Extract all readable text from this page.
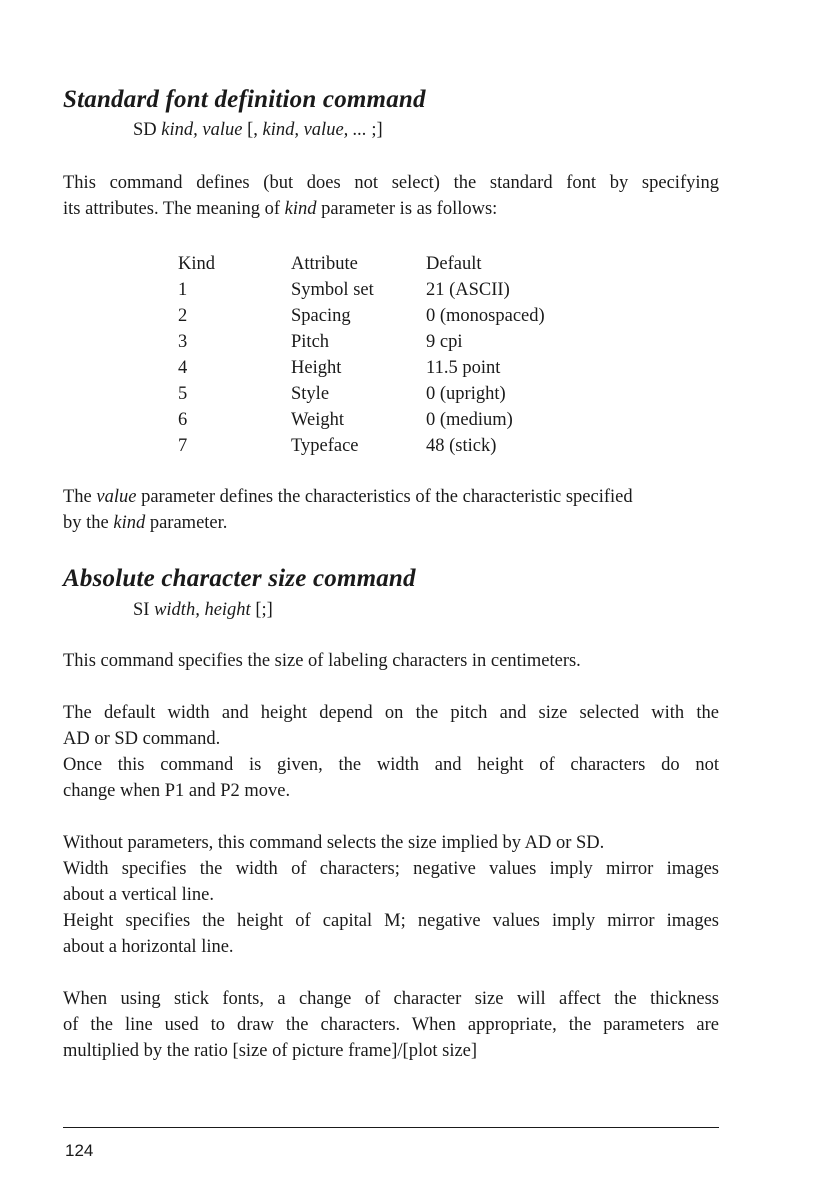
Standard font definition command
SD kind, value [, kind, value, ... ;]
This command defines (but does not select) the standard font by specifying
its attributes. The meaning of kind parameter is as follows:
Kind	Attribute	Default
1	Symbol set	21 (ASCII)
2	Spacing	0 (monospaced)
3	Pitch	9 cpi
4	Height	11.5 point
5	Style	0 (upright)
6	Weight	0 (medium)
7	Typeface	48 (stick)
The value parameter defines the characteristics of the characteristic specified
by the kind parameter.
Absolute character size command
SI width, height [;]
This command specifies the size of labeling characters in centimeters.
The default width and height depend on the pitch and size selected with the
AD or SD command.
Once this command is given, the width and height of characters do not
change when P1 and P2 move.
Without parameters, this command selects the size implied by AD or SD.
Width specifies the width of characters; negative values imply mirror images
about a vertical line.
Height specifies the height of capital M; negative values imply mirror images
about a horizontal line.
When using stick fonts, a change of character size will affect the thickness
of the line used to draw the characters. When appropriate, the parameters are
multiplied by the ratio [size of picture frame]/[plot size]
124
